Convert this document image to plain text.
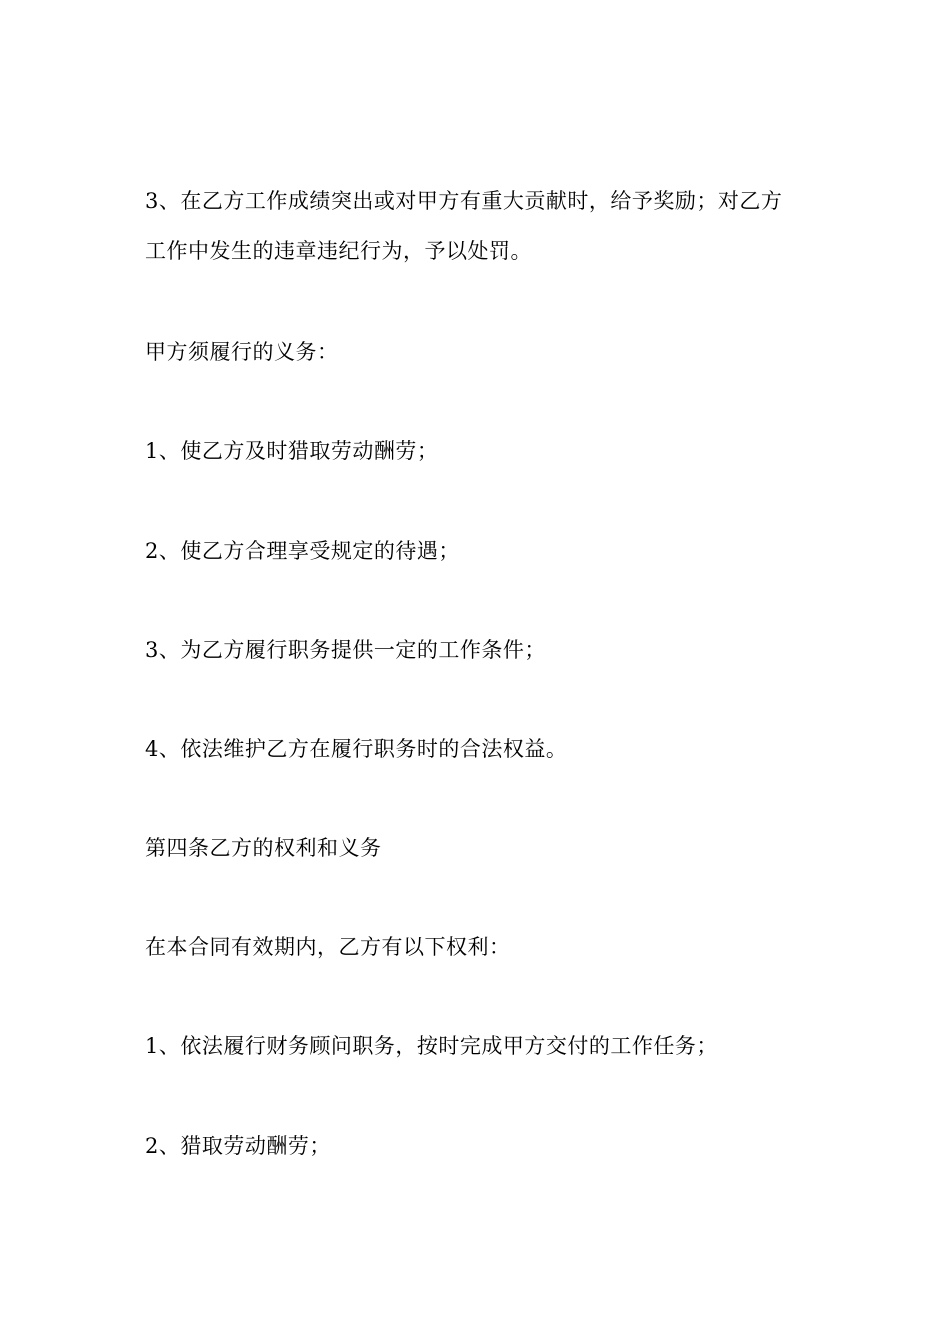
3、在乙方工作成绩突出或对甲方有重大贡献时，给予奖励；对乙方
工作中发生的违章违纪行为，予以处罚。

甲方须履行的义务：

1、使乙方及时猎取劳动酬劳；

2、使乙方合理享受规定的待遇；

3、为乙方履行职务提供一定的工作条件；

4、依法维护乙方在履行职务时的合法权益。

第四条乙方的权利和义务

在本合同有效期内，乙方有以下权利：

1、依法履行财务顾问职务，按时完成甲方交付的工作任务；

2、猎取劳动酬劳；
